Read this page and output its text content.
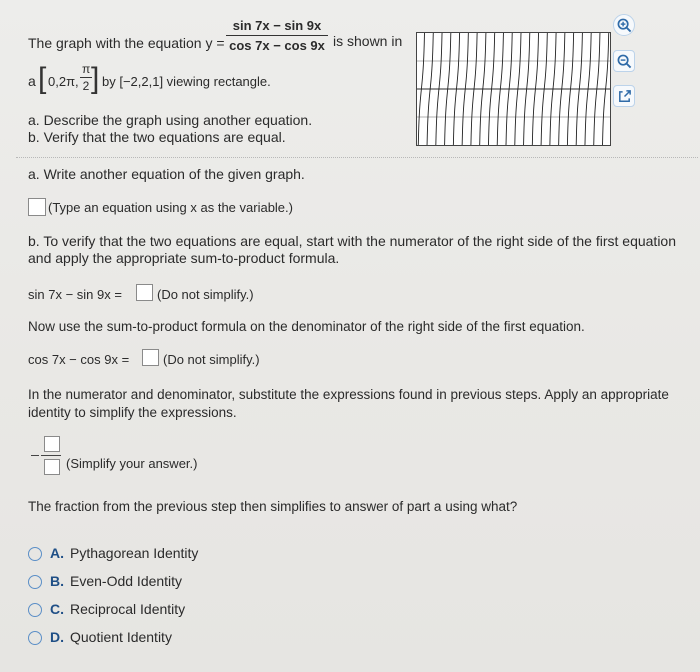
The graph with the equation y =
sin 7x − sin 9x
cos 7x − cos 9x is shown in
a [ 0,2π,
π
2 ] by [−2,2,1] viewing rectangle.
a. Describe the graph using another equation.
b. Verify that the two equations are equal.
a. Write another equation of the given graph.
(Type an equation using x as the variable.)
b. To verify that the two equations are equal, start with the numerator of the right side of the first equation
and apply the appropriate sum-to-product formula.
sin 7x − sin 9x =	(Do not simplify.)
Now use the sum-to-product formula on the denominator of the right side of the first equation.
cos 7x − cos 9x =	(Do not simplify.)
In the numerator and denominator, substitute the expressions found in previous steps. Apply an appropriate
identity to simplify the expressions.
(Simplify your answer.)
The fraction from the previous step then simplifies to answer of part a using what?
A. Pythagorean Identity
B. Even-Odd Identity
C. Reciprocal Identity
D. Quotient Identity
